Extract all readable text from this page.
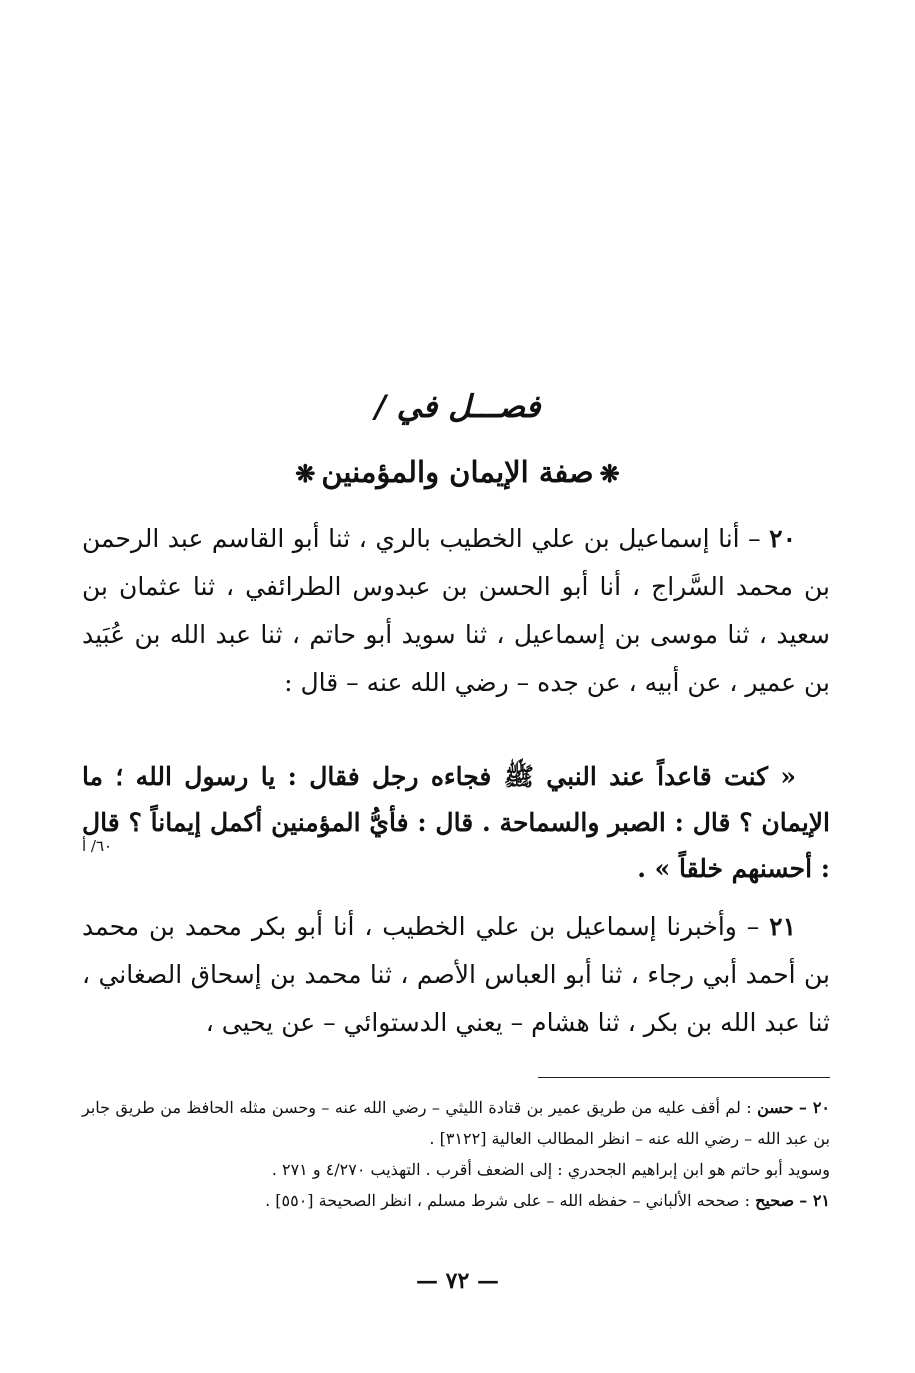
فصـــل في /
❋صفة الإيمان والمؤمنين❋
٢٠ – أنا إسماعيل بن علي الخطيب بالري ، ثنا أبو القاسم عبد الرحمن بن محمد السَّراج ، أنا أبو الحسن بن عبدوس الطرائفي ، ثنا عثمان بن سعيد ، ثنا موسى بن إسماعيل ، ثنا سويد أبو حاتم ، ثنا عبد الله بن عُبَيد بن عمير ، عن أبيه ، عن جده – رضي الله عنه – قال :
« كنت قاعداً عند النبي ﷺ فجاءه رجل فقال : يا رسول الله ؛ ما الإيمان ؟ قال : الصبر والسماحة . قال : فأيُّ المؤمنين أكمل إيماناً ؟ قال : أحسنهم خلقاً » .
٦٠/ أ
٢١ – وأخبرنا إسماعيل بن علي الخطيب ، أنا أبو بكر محمد بن محمد بن أحمد أبي رجاء ، ثنا أبو العباس الأصم ، ثنا محمد بن إسحاق الصغاني ، ثنا عبد الله بن بكر ، ثنا هشام – يعني الدستوائي – عن يحيى ،

٢٠ – حسن : لم أقف عليه من طريق عمير بن قتادة الليثي – رضي الله عنه – وحسن مثله الحافظ من طريق جابر بن عبد الله – رضي الله عنه – انظر المطالب العالية [٣١٢٢] .

وسويد أبو حاتم هو ابن إبراهيم الجحدري : إلى الضعف أقرب . التهذيب ٤/٢٧٠ و ٢٧١ .

٢١ – صحيح : صححه الألباني – حفظه الله – على شرط مسلم ، انظر الصحيحة [٥٥٠] .

— ٧٢ —
